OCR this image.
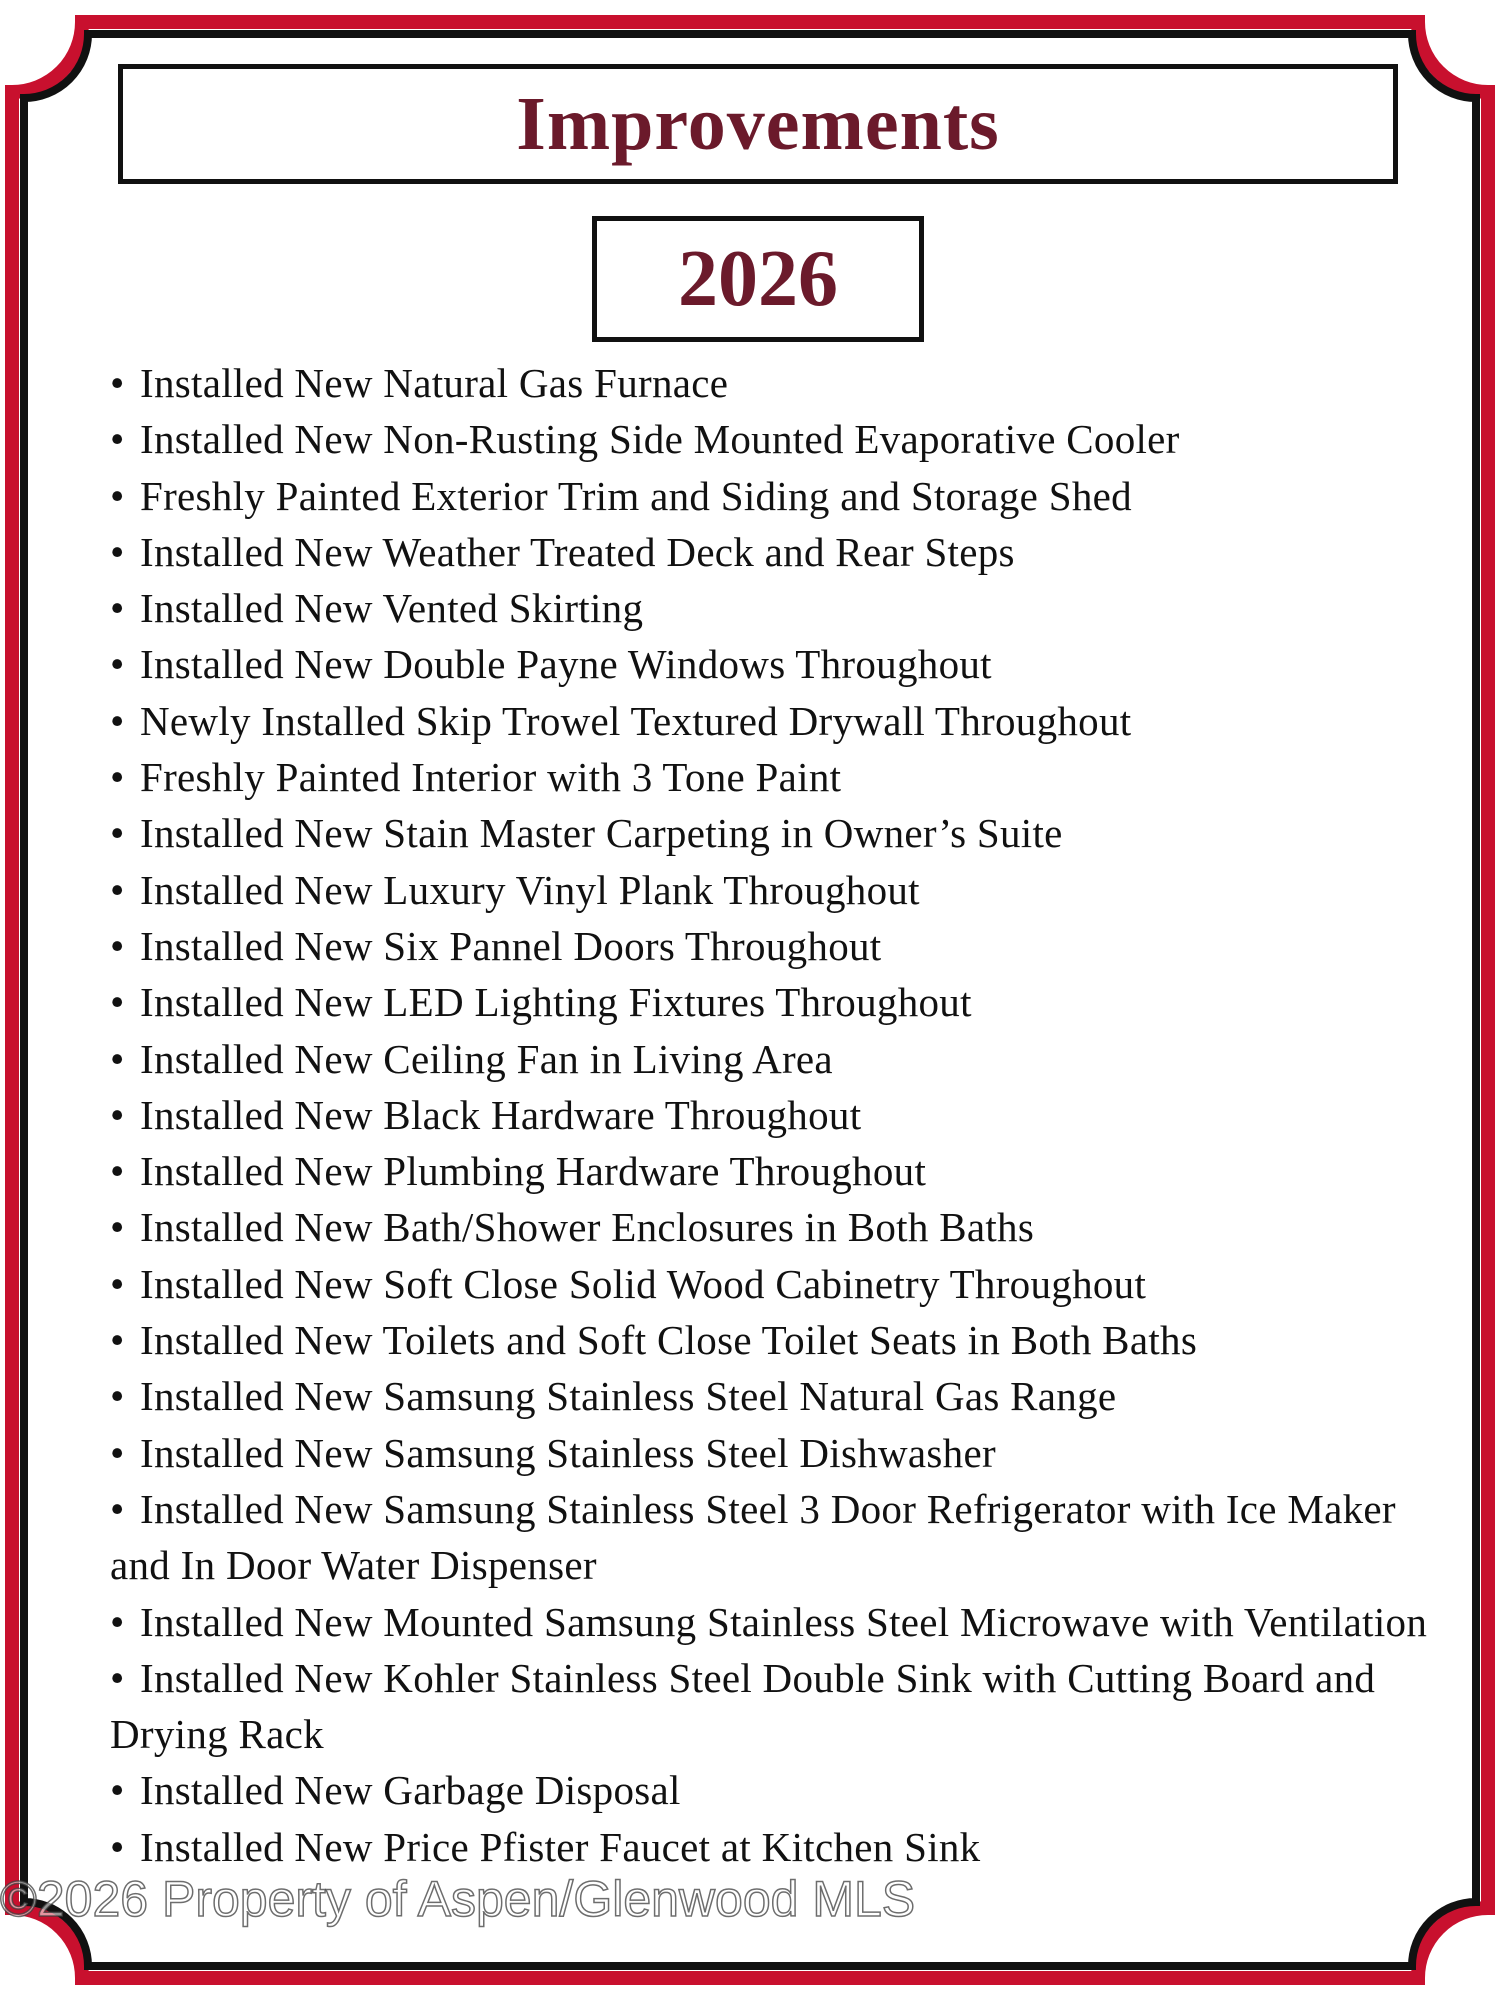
Improvements
2026
• Installed New Natural Gas Furnace
• Installed New Non-Rusting Side Mounted Evaporative Cooler
• Freshly Painted Exterior Trim and Siding and Storage Shed
• Installed New Weather Treated Deck and Rear Steps
• Installed New Vented Skirting
• Installed New Double Payne Windows Throughout
• Newly Installed Skip Trowel Textured Drywall Throughout
• Freshly Painted Interior with 3 Tone Paint
• Installed New Stain Master Carpeting in Owner’s Suite
• Installed New Luxury Vinyl Plank Throughout
• Installed New Six Pannel Doors Throughout
• Installed New LED Lighting Fixtures Throughout
• Installed New Ceiling Fan in Living Area
• Installed New Black Hardware Throughout
• Installed New Plumbing Hardware Throughout
• Installed New Bath/Shower Enclosures in Both Baths
• Installed New Soft Close Solid Wood Cabinetry Throughout
• Installed New Toilets and Soft Close Toilet Seats in Both Baths
• Installed New Samsung Stainless Steel Natural Gas Range
• Installed New Samsung Stainless Steel Dishwasher
• Installed New Samsung Stainless Steel 3 Door Refrigerator with Ice Maker and In Door Water Dispenser
• Installed New Mounted Samsung Stainless Steel Microwave with Ventilation
• Installed New Kohler Stainless Steel Double Sink with Cutting Board and Drying Rack
• Installed New Garbage Disposal
• Installed New Price Pfister Faucet at Kitchen Sink
©2026 Property of Aspen/Glenwood MLS
